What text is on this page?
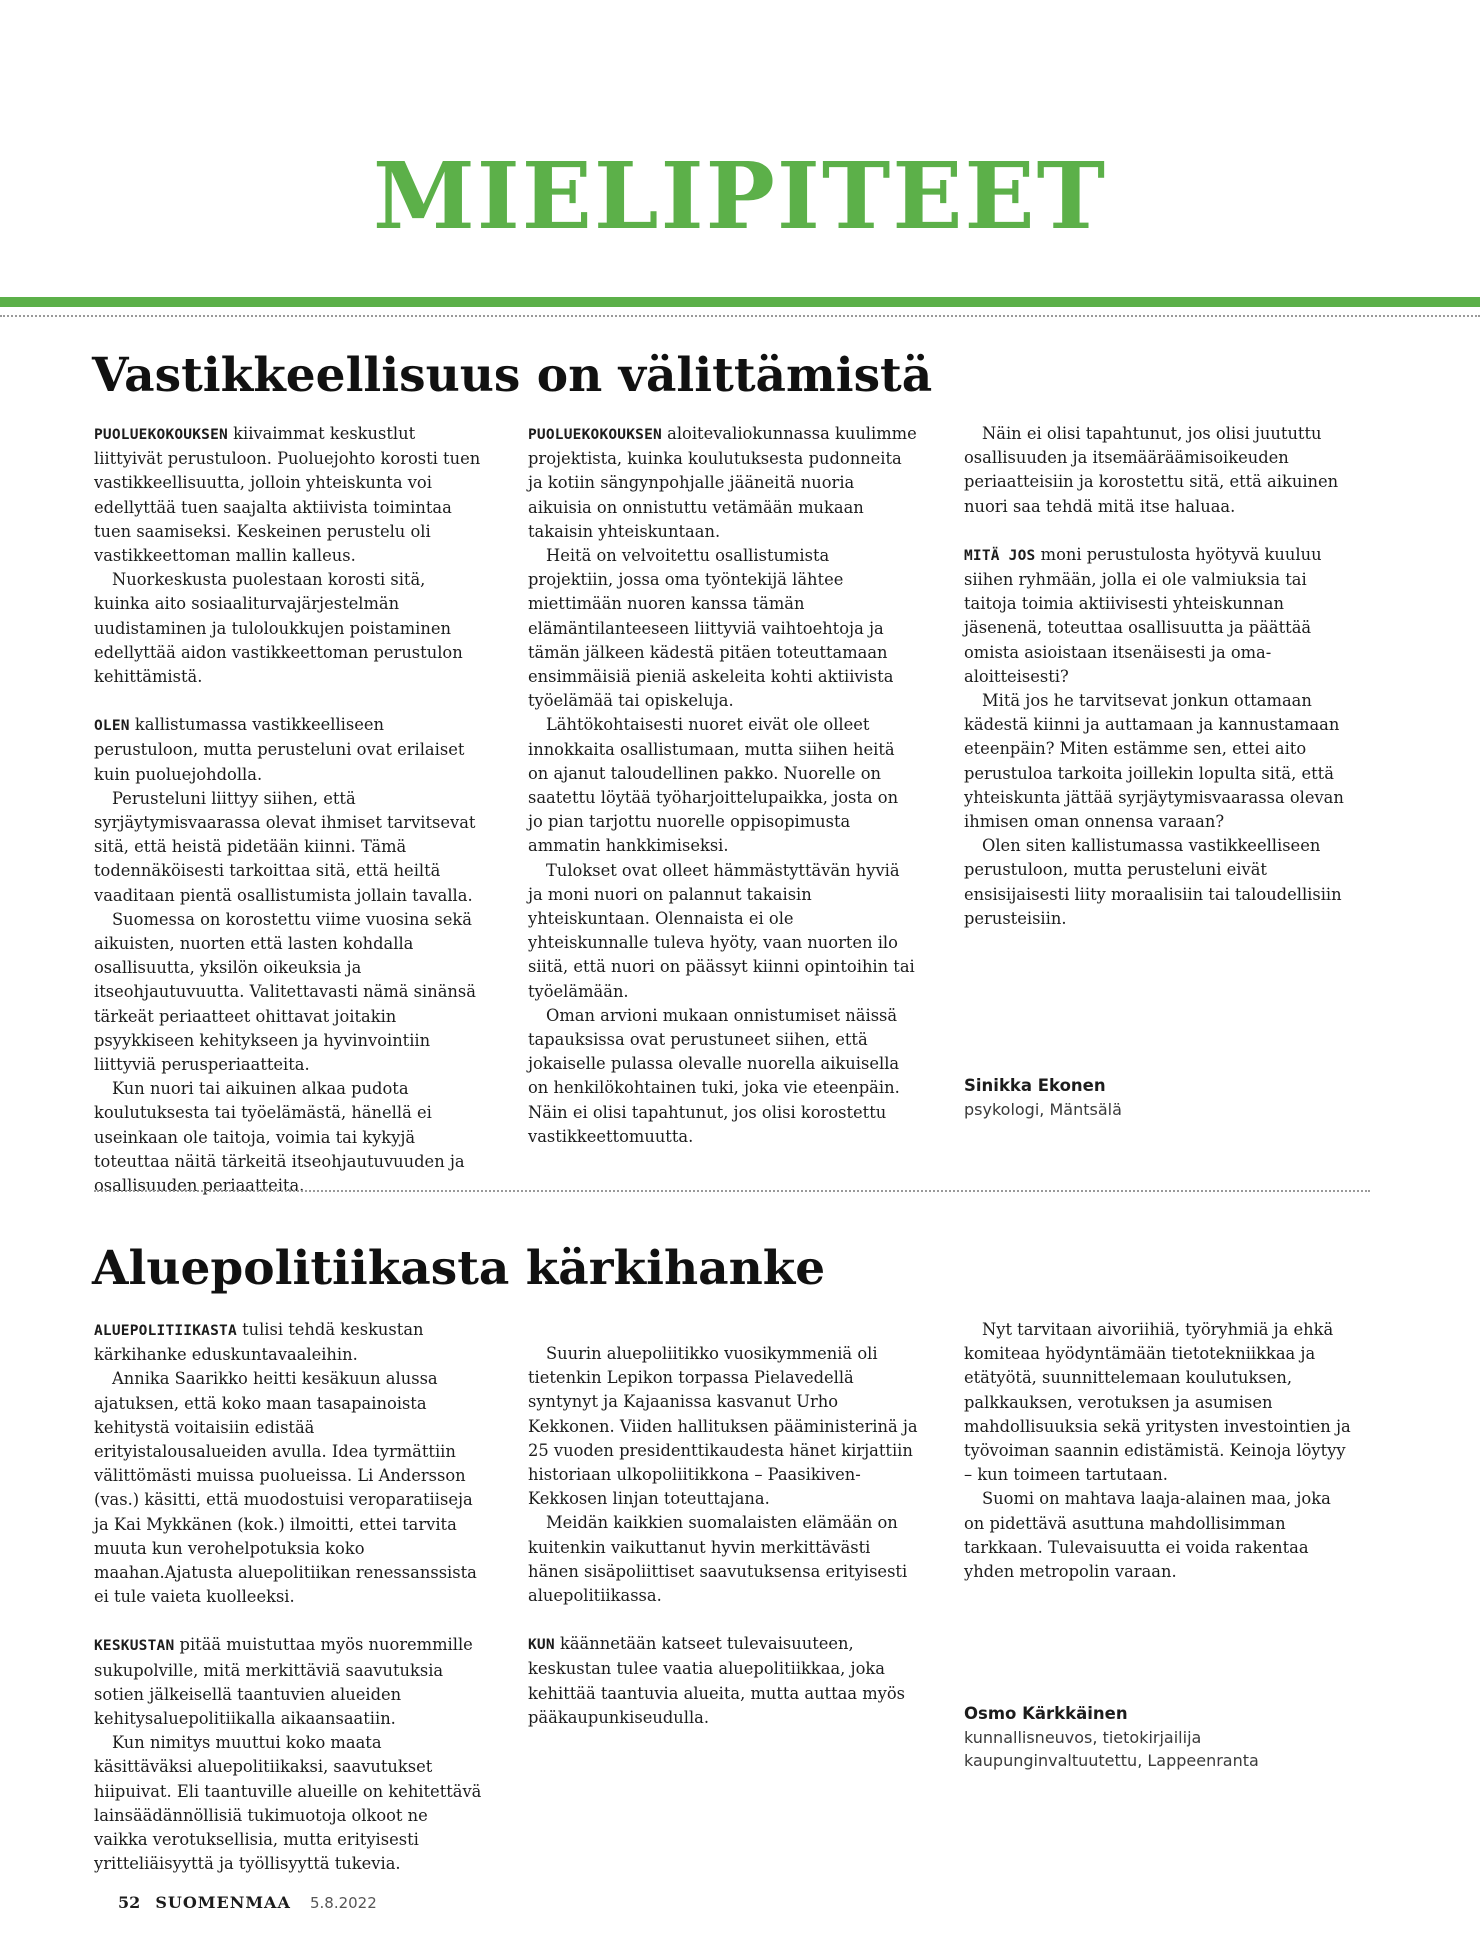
MIELIPITEET
Vastikkeellisuus on välittämistä

PUOLUEKOKOUKSEN kiivaimmat keskustlut liittyivät perustuloon. Puoluejohto korosti tuen vastikkeellisuutta, jolloin yhteiskunta voi edellyttää tuen saajalta aktiivista toimintaa tuen saamiseksi. Keskeinen perustelu oli vastikkeettoman mallin kalleus.

Nuorkeskusta puolestaan korosti sitä, kuinka aito sosiaaliturvajärjestelmän uudistaminen ja tuloloukkujen poistaminen edellyttää aidon vastikkeettoman perustulon kehittämistä.

OLEN kallistumassa vastikkeelliseen perustuloon, mutta perusteluni ovat erilaiset kuin puoluejohdolla.

Perusteluni liittyy siihen, että syrjäytymisvaarassa olevat ihmiset tarvitsevat sitä, että heistä pidetään kiinni. Tämä todennäköisesti tarkoittaa sitä, että heiltä vaaditaan pientä osallistumista jollain tavalla.

Suomessa on korostettu viime vuosina sekä aikuisten, nuorten että lasten kohdalla osallisuutta, yksilön oikeuksia ja itseohjautuvuutta. Valitettavasti nämä sinänsä tärkeät periaatteet ohittavat joitakin psyykkiseen kehitykseen ja hyvinvointiin liittyviä perusperiaatteita.

Kun nuori tai aikuinen alkaa pudota koulutuksesta tai työelämästä, hänellä ei useinkaan ole taitoja, voimia tai kykyjä toteuttaa näitä tärkeitä itseohjautuvuuden ja osallisuuden periaatteita.

PUOLUEKOKOUKSEN aloitevaliokunnassa kuulimme projektista, kuinka koulutuksesta pudonneita ja kotiin sängynpohjalle jääneitä nuoria aikuisia on onnistuttu vetämään mukaan takaisin yhteiskuntaan.

Heitä on velvoitettu osallistumista projektiin, jossa oma työntekijä lähtee miettimään nuoren kanssa tämän elämäntilanteeseen liittyviä vaihtoehtoja ja tämän jälkeen kädestä pitäen toteuttamaan ensimmäisiä pieniä askeleita kohti aktiivista työelämää tai opiskeluja.

Lähtökohtaisesti nuoret eivät ole olleet innokkaita osallistumaan, mutta siihen heitä on ajanut taloudellinen pakko. Nuorelle on saatettu löytää työharjoittelupaikka, josta on jo pian tarjottu nuorelle oppisopimusta ammatin hankkimiseksi.

Tulokset ovat olleet hämmästyttävän hyviä ja moni nuori on palannut takaisin yhteiskuntaan. Olennaista ei ole yhteiskunnalle tuleva hyöty, vaan nuorten ilo siitä, että nuori on päässyt kiinni opintoihin tai työelämään.

Oman arvioni mukaan onnistumiset näissä tapauksissa ovat perustuneet siihen, että jokaiselle pulassa olevalle nuorella aikuisella on henkilökohtainen tuki, joka vie eteenpäin. Näin ei olisi tapahtunut, jos olisi korostettu vastikkeettomuutta.

Näin ei olisi tapahtunut, jos olisi juututtu osallisuuden ja itsemääräämisoikeuden periaatteisiin ja korostettu sitä, että aikuinen nuori saa tehdä mitä itse haluaa.

MITÄ JOS moni perustulosta hyötyvä kuuluu siihen ryhmään, jolla ei ole valmiuksia tai taitoja toimia aktiivisesti yhteiskunnan jäsenenä, toteuttaa osallisuutta ja päättää omista asioistaan itsenäisesti ja oma-aloitteisesti?

Mitä jos he tarvitsevat jonkun ottamaan kädestä kiinni ja auttamaan ja kannustamaan eteenpäin? Miten estämme sen, ettei aito perustuloa tarkoita joillekin lopulta sitä, että yhteiskunta jättää syrjäytymisvaarassa olevan ihmisen oman onnensa varaan?

Olen siten kallistumassa vastikkeelliseen perustuloon, mutta perusteluni eivät ensisijaisesti liity moraalisiin tai taloudellisiin perusteisiin.

Sinikka Ekonen
psykologi, Mäntsälä
Aluepolitiikasta kärkihanke

ALUEPOLITIIKASTA tulisi tehdä keskustan kärkihanke eduskuntavaaleihin.

Annika Saarikko heitti kesäkuun alussa ajatuksen, että koko maan tasapainoista kehitystä voitaisiin edistää erityistalousalueiden avulla. Idea tyrmättiin välittömästi muissa puolueissa. Li Andersson (vas.) käsitti, että muodostuisi veroparatiiseja ja Kai Mykkänen (kok.) ilmoitti, ettei tarvita muuta kun verohelpotuksia koko maahan.Ajatusta aluepolitiikan renessanssista ei tule vaieta kuolleeksi.

KESKUSTAN pitää muistuttaa myös nuoremmille sukupolville, mitä merkittäviä saavutuksia sotien jälkeisellä taantuvien alueiden kehitysaluepolitiikalla aikaansaatiin.

Kun nimitys muuttui koko maata käsittäväksi aluepolitiikaksi, saavutukset hiipuivat. Eli taantuville alueille on kehitettävä lainsäädännöllisiä tukimuotoja olkoot ne vaikka verotuksellisia, mutta erityisesti yritteliäisyyttä ja työllisyyttä tukevia.

Suurin aluepoliitikko vuosikymmeniä oli tietenkin Lepikon torpassa Pielavedellä syntynyt ja Kajaanissa kasvanut Urho Kekkonen. Viiden hallituksen pääministerinä ja 25 vuoden presidenttikaudesta hänet kirjattiin historiaan ulkopoliitikkona – Paasikiven-Kekkosen linjan toteuttajana.

Meidän kaikkien suomalaisten elämään on kuitenkin vaikuttanut hyvin merkittävästi hänen sisäpoliittiset saavutuksensa erityisesti aluepolitiikassa.

KUN käännetään katseet tulevaisuuteen, keskustan tulee vaatia aluepolitiikkaa, joka kehittää taantuvia alueita, mutta auttaa myös pääkaupunkiseudulla.

Nyt tarvitaan aivoriihiä, työryhmiä ja ehkä komiteaa hyödyntämään tietotekniikkaa ja etätyötä, suunnittelemaan koulutuksen, palkkauksen, verotuksen ja asumisen mahdollisuuksia sekä yritysten investointien ja työvoiman saannin edistämistä. Keinoja löytyy – kun toimeen tartutaan.

Suomi on mahtava laaja-alainen maa, joka on pidettävä asuttuna mahdollisimman tarkkaan. Tulevaisuutta ei voida rakentaa yhden metropolin varaan.

Osmo Kärkkäinen
kunnallisneuvos, tietokirjailija
kaupunginvaltuutettu, Lappeenranta
52 SUOMENMAA 5.8.2022
